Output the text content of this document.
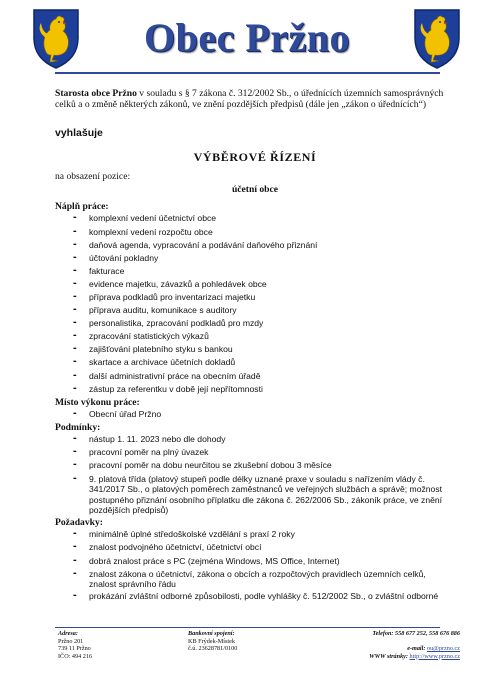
Obec Pržno

Starosta obce Pržno v souladu s § 7 zákona č. 312/2002 Sb., o úřednících územních samosprávných celků a o změně některých zákonů, ve znění pozdějších předpisů (dále jen „zákon o úřednících“)

vyhlašuje

VÝBĚROVÉ ŘÍZENÍ

na obsazení pozice:

účetní obce

Náplň práce:

- komplexní vedení účetnictví obce
- komplexní vedení rozpočtu obce
- daňová agenda, vypracování a podávání daňového přiznání
- účtování pokladny
- fakturace
- evidence majetku, závazků a pohledávek obce
- příprava podkladů pro inventarizaci majetku
- příprava auditu, komunikace s auditory
- personalistika, zpracování podkladů pro mzdy
- zpracování statistických výkazů
- zajišťování platebního styku s bankou
- skartace a archivace účetních dokladů
- další administrativní práce na obecním úřadě
- zástup za referentku v době její nepřítomnosti

Místo výkonu práce:

- Obecní úřad Pržno

Podmínky:

- nástup 1. 11. 2023 nebo dle dohody
- pracovní poměr na plný úvazek
- pracovní poměr na dobu neurčitou se zkušební dobou 3 měsíce
- 9. platová třída (platový stupeň podle délky uznané praxe v souladu s nařízením vlády č. 341/2017 Sb., o platových poměrech zaměstnanců ve veřejných službách a správě; možnost postupného přiznání osobního příplatku dle zákona č. 262/2006 Sb., zákoník práce, ve znění pozdějších předpisů)

Požadavky:

- minimálně úplné středoškolské vzdělání s praxí 2 roky
- znalost podvojného účetnictví, účetnictví obcí
- dobrá znalost práce s PC (zejména Windows, MS Office, Internet)
- znalost zákona o účetnictví, zákona o obcích a rozpočtových pravidlech územních celků, znalost správního řádu
- prokázání zvláštní odborné způsobilosti, podle vyhlášky č. 512/2002 Sb., o zvláštní odborné
Adresa:
Pržno 201
739 11 Pržno
IČO: 494 216
Bankovní spojení:
KB Frýdek-Místek
č.ú. 23628781/0100
Telefon: 558 677 252, 558 676 886

e-mail: ou@przno.cz
WWW stránky: http://www.przno.cz
